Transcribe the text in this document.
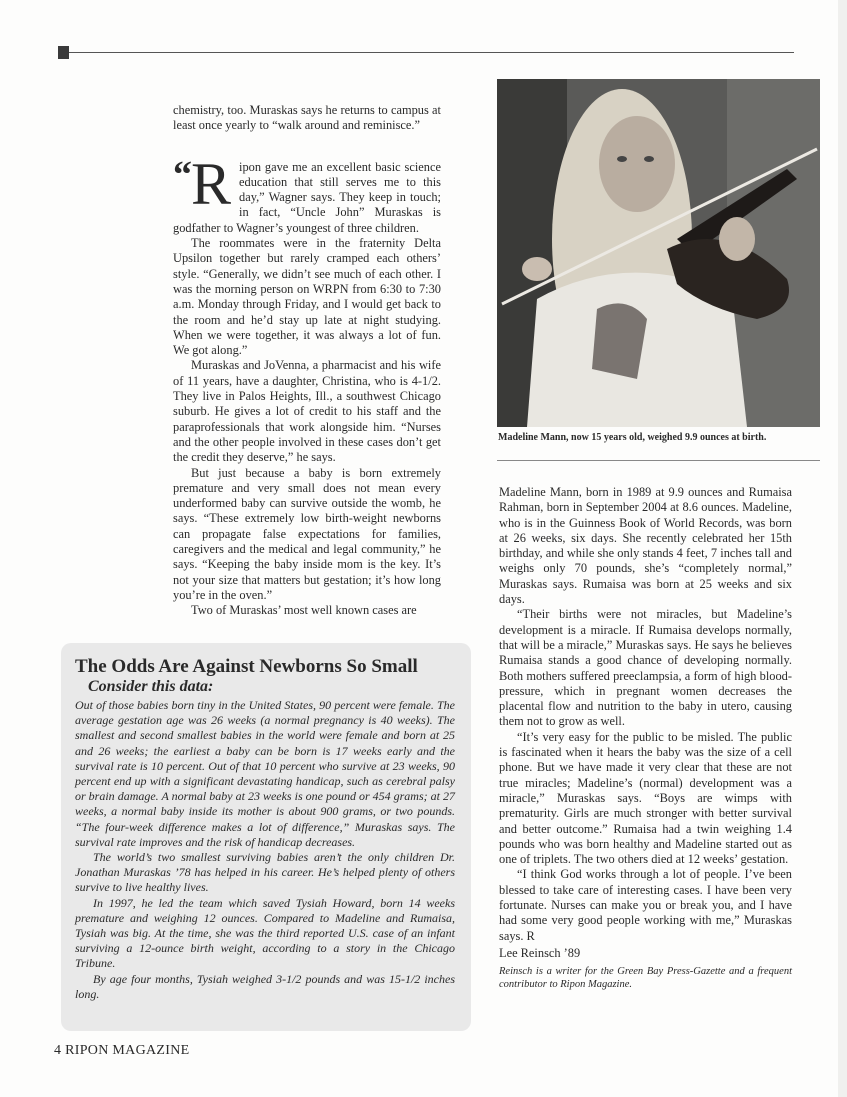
chemistry, too. Muraskas says he returns to campus at least once yearly to “walk around and reminisce.”

“ R ipon gave me an excellent basic science education that still serves me to this day,” Wagner says. They keep in touch; in fact, “Uncle John” Muraskas is godfather to Wagner’s youngest of three children.

The roommates were in the fraternity Delta Upsilon together but rarely cramped each others’ style. “Generally, we didn’t see much of each other. I was the morning person on WRPN from 6:30 to 7:30 a.m. Monday through Friday, and I would get back to the room and he’d stay up late at night studying. When we were together, it was always a lot of fun. We got along.”

Muraskas and JoVenna, a pharmacist and his wife of 11 years, have a daughter, Christina, who is 4-1/2. They live in Palos Heights, Ill., a southwest Chicago suburb. He gives a lot of credit to his staff and the paraprofessionals that work alongside him. “Nurses and the other people involved in these cases don’t get the credit they deserve,” he says.

But just because a baby is born extremely premature and very small does not mean every underformed baby can survive outside the womb, he says. “These extremely low birth-weight newborns can propagate false expectations for families, caregivers and the medical and legal community,” he says. “Keeping the baby inside mom is the key. It’s not your size that matters but gestation; it’s how long you’re in the oven.”

Two of Muraskas’ most well known cases are

Madeline Mann, now 15 years old, weighed 9.9 ounces at birth.

Madeline Mann, born in 1989 at 9.9 ounces and Rumaisa Rahman, born in September 2004 at 8.6 ounces. Madeline, who is in the Guinness Book of World Records, was born at 26 weeks, six days. She recently celebrated her 15th birthday, and while she only stands 4 feet, 7 inches tall and weighs only 70 pounds, she’s “completely normal,” Muraskas says. Rumaisa was born at 25 weeks and six days.

“Their births were not miracles, but Madeline’s development is a miracle. If Rumaisa develops normally, that will be a miracle,” Muraskas says. He says he believes Rumaisa stands a good chance of developing normally. Both mothers suffered preeclampsia, a form of high blood-pressure, which in pregnant women decreases the placental flow and nutrition to the baby in utero, causing them not to grow as well.

“It’s very easy for the public to be misled. The public is fascinated when it hears the baby was the size of a cell phone. But we have made it very clear that these are not true miracles; Madeline’s (normal) development was a miracle,” Muraskas says. “Boys are wimps with prematurity. Girls are much stronger with better survival and better outcome.” Rumaisa had a twin weighing 1.4 pounds who was born healthy and Madeline started out as one of triplets. The two others died at 12 weeks’ gestation.

“I think God works through a lot of people. I’ve been blessed to take care of interesting cases. I have been very fortunate. Nurses can make you or break you, and I have had some very good people working with me,” Muraskas says. R

Lee Reinsch ’89

Reinsch is a writer for the Green Bay Press-Gazette and a frequent contributor to Ripon Magazine.

The Odds Are Against Newborns So Small
Consider this data:

Out of those babies born tiny in the United States, 90 percent were female. The average gestation age was 26 weeks (a normal pregnancy is 40 weeks). The smallest and second smallest babies in the world were female and born at 25 and 26 weeks; the earliest a baby can be born is 17 weeks early and the survival rate is 10 percent. Out of that 10 percent who survive at 23 weeks, 90 percent end up with a significant devastating handicap, such as cerebral palsy or brain damage. A normal baby at 23 weeks is one pound or 454 grams; at 27 weeks, a normal baby inside its mother is about 900 grams, or two pounds. “The four-week difference makes a lot of difference,” Muraskas says. The survival rate improves and the risk of handicap decreases.

The world’s two smallest surviving babies aren’t the only children Dr. Jonathan Muraskas ’78 has helped in his career. He’s helped plenty of others survive to live healthy lives.

In 1997, he led the team which saved Tysiah Howard, born 14 weeks premature and weighing 12 ounces. Compared to Madeline and Rumaisa, Tysiah was big. At the time, she was the third reported U.S. case of an infant surviving a 12-ounce birth weight, according to a story in the Chicago Tribune.

By age four months, Tysiah weighed 3-1/2 pounds and was 15-1/2 inches long.

4 RIPON MAGAZINE
